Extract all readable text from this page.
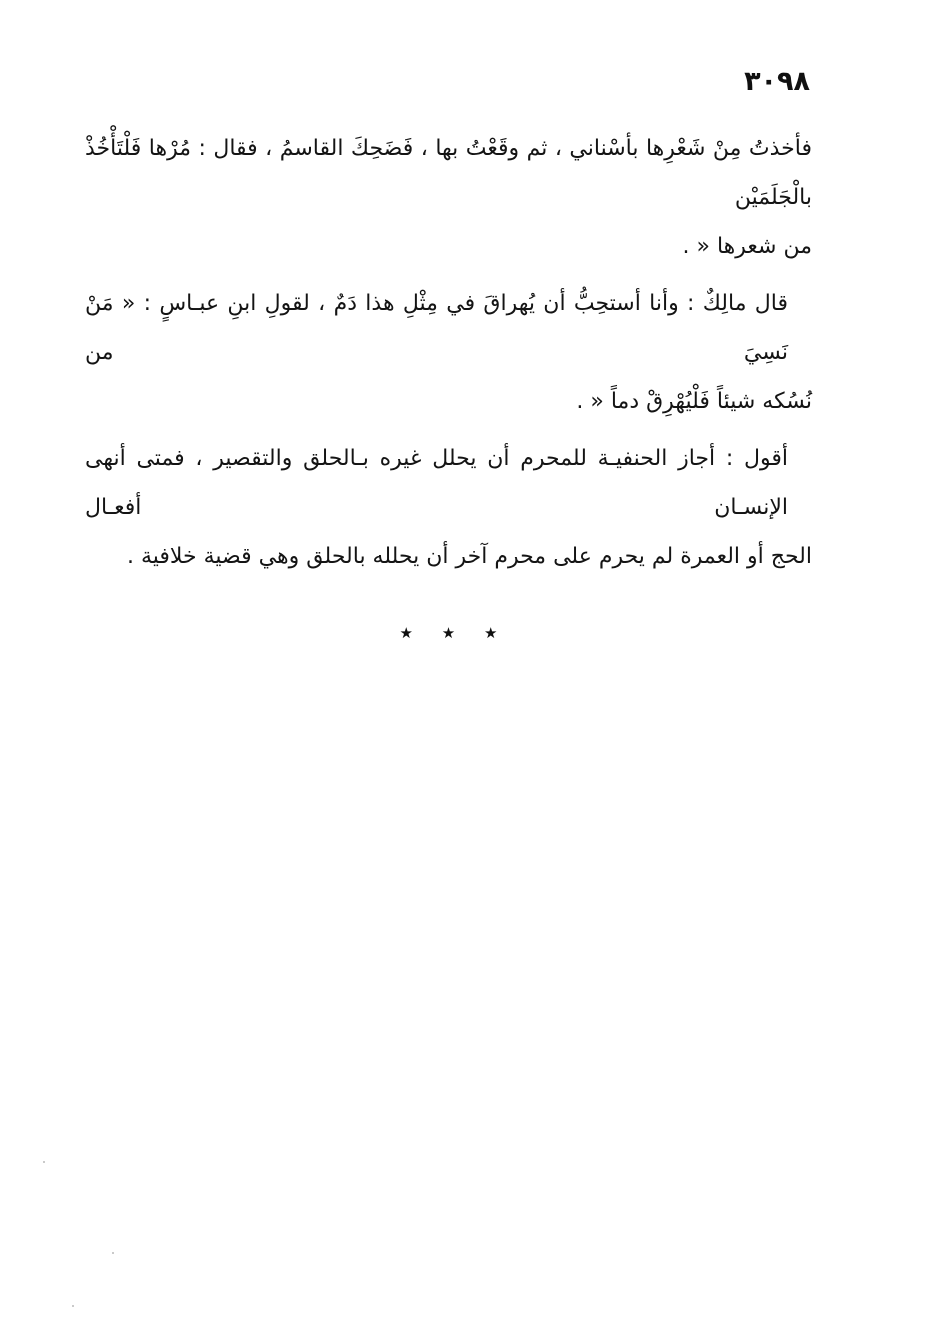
٣٠٩٨

فأخذتُ مِنْ شَعْرِها بأسْناني ، ثم وقَعْتُ بها ، فَضَحِكَ القاسمُ ، فقال : مُرْها فَلْتَأْخُذْ بالْجَلَمَيْن
من شعرها « .

قال مالِكٌ : وأنا أستحِبُّ أن يُهراقَ في مِثْلِ هذا دَمٌ ، لقولِ ابنِ عبـاسٍ : « مَنْ نَسِيَ من
نُسُكه شيئاً فَلْيُهْرِقْ دماً « .

أقول : أجاز الحنفيـة للمحرم أن يحلل غيره بـالحلق والتقصير ، فمتى أنهى الإنسـان أفعـال
الحج أو العمرة لم يحرم على محرم آخر أن يحلله بالحلق وهي قضية خلافية .

★ ★ ★
